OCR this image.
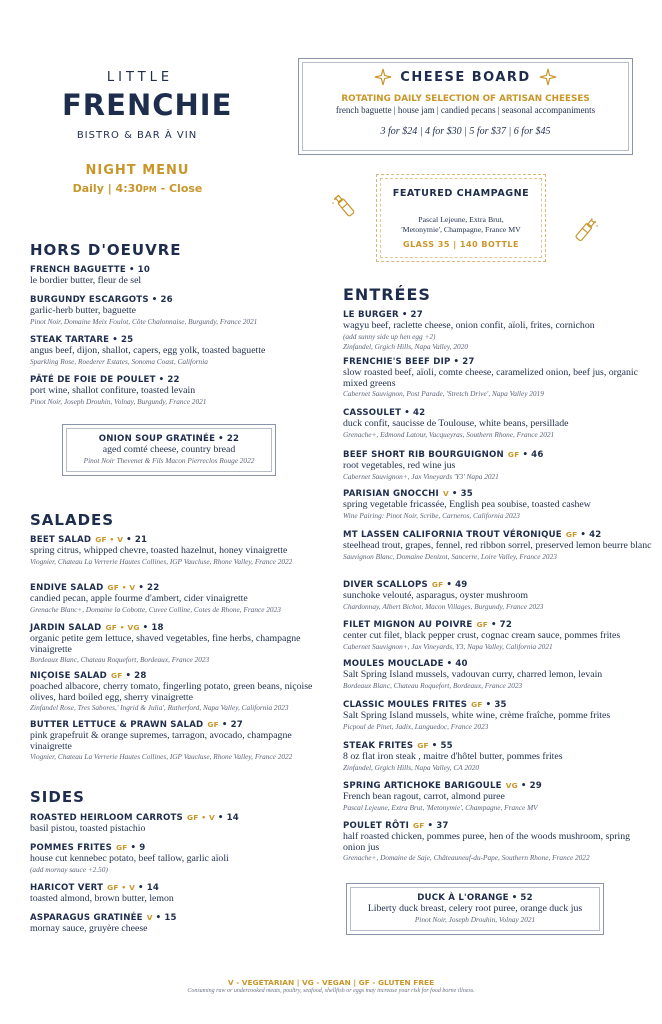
LITTLE
FRENCHIE
BISTRO & BAR À VIN
NIGHT MENU
Daily | 4:30PM - Close
CHEESE BOARD
ROTATING DAILY SELECTION OF ARTISAN CHEESES
french baguette | house jam | candied pecans | seasonal accompaniments
3 for $24 | 4 for $30 | 5 for $37 | 6 for $45
FEATURED CHAMPAGNE
Pascal Lejeune, Extra Brut,
'Metonymie', Champagne, France MV
GLASS 35 | 140 BOTTLE
HORS D'OEUVRE
FRENCH BAGUETTE • 10
le bordier butter, fleur de sel
BURGUNDY ESCARGOTS • 26
garlic-herb butter, baguette
Pinot Noir, Domaine Meix Foulot, Côte Chalonnaise, Burgundy, France 2021
STEAK TARTARE • 25
angus beef, dijon, shallot, capers, egg yolk, toasted baguette
Sparkling Rose, Roederer Estates, Sonoma Coast, California
PÂTÉ DE FOIE DE POULET • 22
port wine, shallot confiture, toasted levain
Pinot Noir, Joseph Drouhin, Volnay, Burgundy, France 2021
ONION SOUP GRATINÉE • 22
aged comté cheese, country bread
Pinot Noir Thevenet & Fils Macon Pierreclos Rouge 2022
SALADES
BEET SALAD GF • V • 21
spring citrus, whipped chevre, toasted hazelnut, honey vinaigrette
Viognier, Chateau La Verrerie Hautes Collines, IGP Vaucluse, Rhone Valley, France 2022
ENDIVE SALAD GF • V • 22
candied pecan, apple fourme d'ambert, cider vinaigrette
Grenache Blanc+, Domaine la Cobotte, Cuvee Colline, Cotes de Rhone, France 2023
JARDIN SALAD GF • VG • 18
organic petite gem lettuce, shaved vegetables, fine herbs, champagne vinaigrette
Bordeaux Blanc, Chateau Roquefort, Bordeaux, France 2023
NIÇOISE SALAD GF • 28
poached albacore, cherry tomato, fingerling potato, green beans, niçoise olives, hard boiled egg, sherry vinaigrette
Zinfandel Rose, Tres Sabores,' Ingrid & Julia', Rutherford, Napa Valley, California 2023
BUTTER LETTUCE & PRAWN SALAD GF • 27
pink grapefruit & orange supremes, tarragon, avocado, champagne vinaigrette
Viognier, Chateau La Verrerie Hautes Collines, IGP Vaucluse, Rhone Valley, France 2022
SIDES
ROASTED HEIRLOOM CARROTS GF • V • 14
basil pistou, toasted pistachio
POMMES FRITES GF • 9
house cut kennebec potato, beef tallow, garlic aïoli
(add mornay sauce +2.50)
HARICOT VERT GF • V • 14
toasted almond, brown butter, lemon
ASPARAGUS GRATINÉE V • 15
mornay sauce, gruyère cheese
ENTRÉES
LE BURGER • 27
wagyu beef, raclette cheese, onion confit, aïoli, frites, cornichon
(add sunny side up hen egg +2)
Zinfandel, Grgich Hills, Napa Valley, 2020
FRENCHIE'S BEEF DIP • 27
slow roasted beef, aïoli, comte cheese, caramelized onion, beef jus, organic mixed greens
Cabernet Sauvignon, Post Parade, 'Stretch Drive', Napa Valley 2019
CASSOULET • 42
duck confit, saucisse de Toulouse, white beans, persillade
Grenache+, Edmond Latour, Vacqueyras, Southern Rhone, France 2021
BEEF SHORT RIB BOURGUIGNON GF • 46
root vegetables, red wine jus
Cabernet Sauvignon+, Jax Vineyards 'Y3' Napa 2021
PARISIAN GNOCCHI V • 35
spring vegetable fricassée, English pea soubise, toasted cashew
Wine Pairing: Pinot Noir, Scribe, Carneros, California 2023
MT LASSEN CALIFORNIA TROUT VÉRONIQUE GF • 42
steelhead trout, grapes, fennel, red ribbon sorrel, preserved lemon beurre blanc
Sauvignon Blanc, Domaine Denizot, Sancerre, Loire Valley, France 2023
DIVER SCALLOPS GF • 49
sunchoke velouté, asparagus, oyster mushroom
Chardonnay, Albert Bichot, Macon Villages, Burgundy, France 2023
FILET MIGNON AU POIVRE GF • 72
center cut filet, black pepper crust, cognac cream sauce, pommes frites
Cabernet Sauvignon+, Jax Vineyards, Y3, Napa Valley, California 2021
MOULES MOUCLADE • 40
Salt Spring Island mussels, vadouvan curry, charred lemon, levain
Bordeaux Blanc, Chateau Roquefort, Bordeaux, France 2023
CLASSIC MOULES FRITES GF • 35
Salt Spring Island mussels, white wine, crème fraîche, pomme frites
Picpoul de Pinet, Jadix, Languedoc, France 2023
STEAK FRITES GF • 55
8 oz flat iron steak , maitre d'hôtel butter, pommes frites
Zinfandel, Grgich Hills, Napa Valley, CA 2020
SPRING ARTICHOKE BARIGOULE VG • 29
French bean ragout, carrot, almond puree
Pascal Lejeune, Extra Brut, 'Metonymie', Champagne, France MV
POULET RÔTI GF • 37
half roasted chicken, pommes puree, hen of the woods mushroom, spring onion jus
Grenache+, Domaine de Saje, Châteauneuf-du-Pape, Southern Rhone, France 2022
DUCK À L'ORANGE • 52
Liberty duck breast, celery root puree, orange duck jus
Pinot Noir, Joseph Drouhin, Volnay 2021
V - VEGETARIAN | VG - VEGAN | GF - GLUTEN FREE
Consuming raw or undercooked meats, poultry, seafood, shellfish or eggs may increase your risk for food borne illness.
